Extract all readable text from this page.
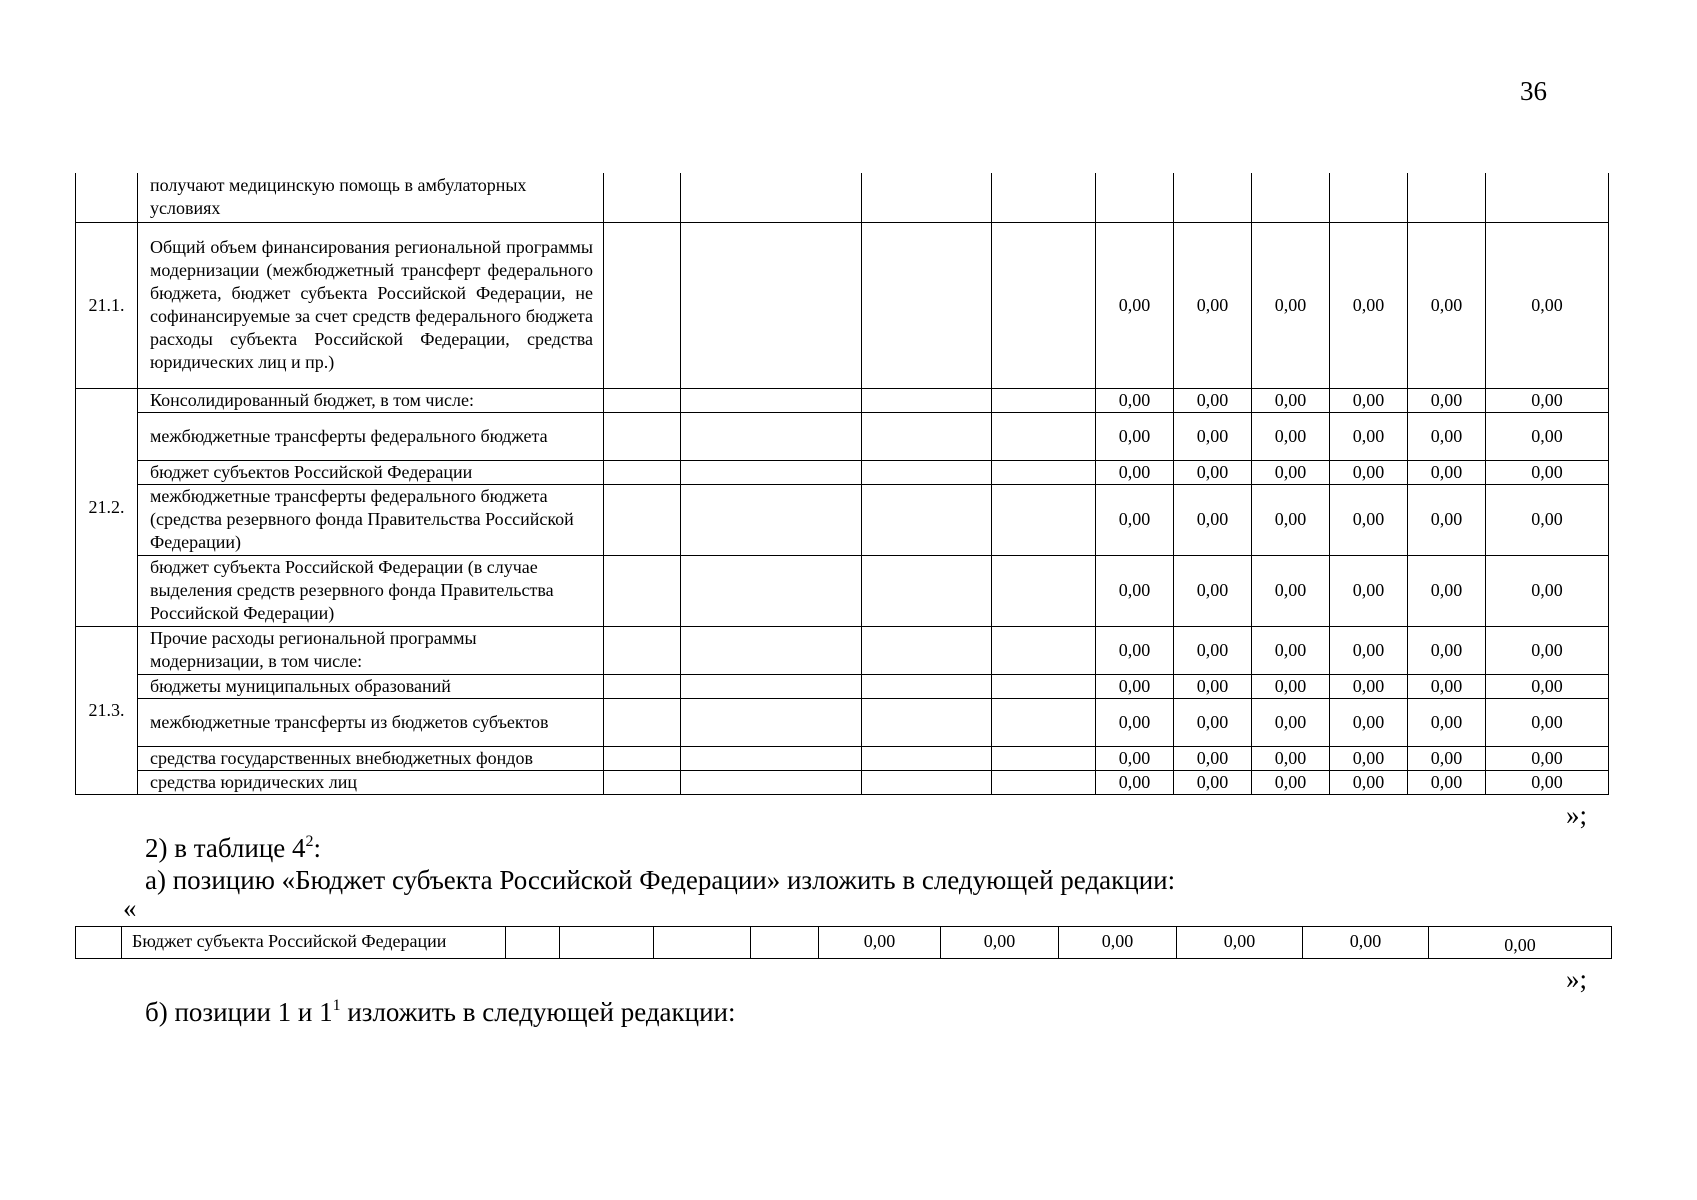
36
	получают медицинскую помощь в амбулаторных условиях										
21.1.	Общий объем финансирования региональной программы модернизации (межбюджетный трансферт федерального бюджета, бюджет субъекта Российской Федерации, не софинансируемые за счет средств федерального бюджета расходы субъекта Российской Федерации, средства юридических лиц и пр.)					0,00	0,00	0,00	0,00	0,00	0,00
21.2.	Консолидированный бюджет, в том числе:					0,00	0,00	0,00	0,00	0,00	0,00
	межбюджетные трансферты федерального бюджета					0,00	0,00	0,00	0,00	0,00	0,00
	бюджет субъектов Российской Федерации					0,00	0,00	0,00	0,00	0,00	0,00
	межбюджетные трансферты федерального бюджета (средства резервного фонда Правительства Российской Федерации)					0,00	0,00	0,00	0,00	0,00	0,00
	бюджет субъекта Российской Федерации (в случае выделения средств резервного фонда Правительства Российской Федерации)					0,00	0,00	0,00	0,00	0,00	0,00
21.3.	Прочие расходы региональной программы модернизации, в том числе:					0,00	0,00	0,00	0,00	0,00	0,00
	бюджеты муниципальных образований					0,00	0,00	0,00	0,00	0,00	0,00
	межбюджетные трансферты из бюджетов субъектов					0,00	0,00	0,00	0,00	0,00	0,00
	средства государственных внебюджетных фондов					0,00	0,00	0,00	0,00	0,00	0,00
	средства юридических лиц					0,00	0,00	0,00	0,00	0,00	0,00
»;
2) в таблице $4^2$:
а) позицию «Бюджет субъекта Российской Федерации» изложить в следующей редакции:
«
	Бюджет субъекта Российской Федерации					0,00	0,00	0,00	0,00	0,00	0,00
»;
б) позиции 1 и $1^1$ изложить в следующей редакции:
